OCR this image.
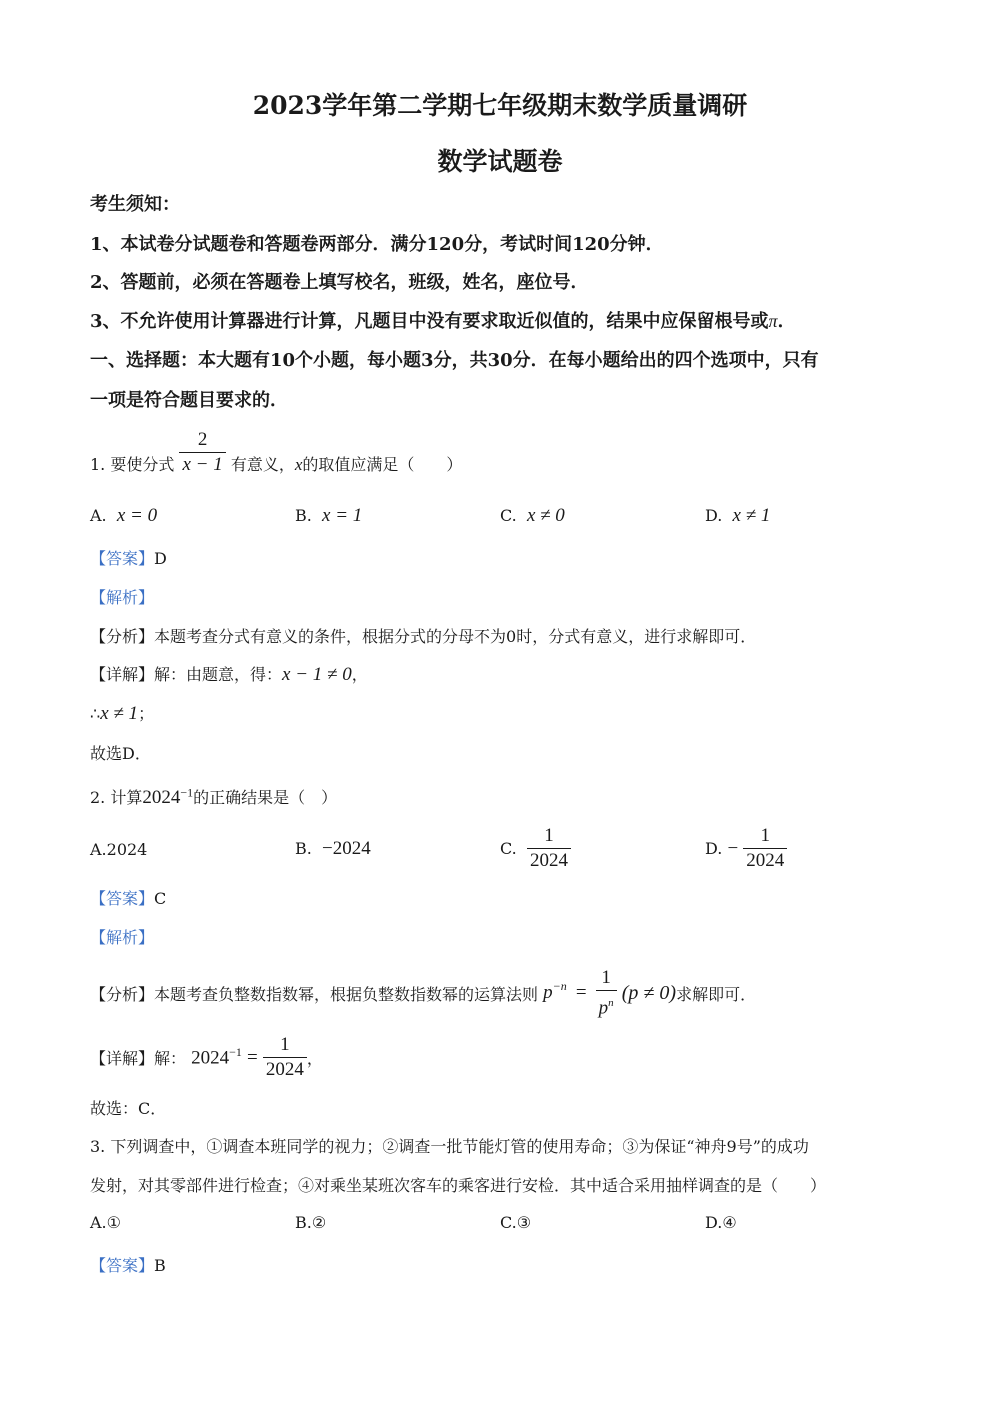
2023学年第二学期七年级期末数学质量调研
数学试题卷
考生须知：
1、本试卷分试题卷和答题卷两部分．满分120分，考试时间120分钟．
2、答题前，必须在答题卷上填写校名，班级，姓名，座位号．
3、不允许使用计算器进行计算，凡题目中没有要求取近似值的，结果中应保留根号或π．
一、选择题：本大题有10个小题，每小题3分，共30分．在每小题给出的四个选项中，只有
一项是符合题目要求的．
1. 要使分式 $\frac{2}{x - 1}$ 有意义，x的取值应满足（　　）
A. x = 0	B. x = 1	C. x ≠ 0	D. x ≠ 1
【答案】D
【解析】
【分析】本题考查分式有意义的条件，根据分式的分母不为0时，分式有意义，进行求解即可．
【详解】解：由题意，得：x − 1 ≠ 0，
∴x ≠ 1；
故选D．
2. 计算$2024^{-1}$的正确结果是（　）
A.2024	B. −2024	C. $\frac{1}{2024}$	D. − $\frac{1}{2024}$
【答案】C
【解析】
【分析】本题考查负整数指数幂，根据负整数指数幂的运算法则 $p-n = \frac{1}{p^n} (p \ne 0)$求解即可．
【详解】解： $2024^{-1} = \frac{1}{2024}$ ，
故选：C．
3. 下列调查中，①调查本班同学的视力；②调查一批节能灯管的使用寿命；③为保证“神舟9号”的成功
发射，对其零部件进行检查；④对乘坐某班次客车的乘客进行安检．其中适合采用抽样调查的是（　　）
A.①	B.②	C.③	D.④
【答案】B
